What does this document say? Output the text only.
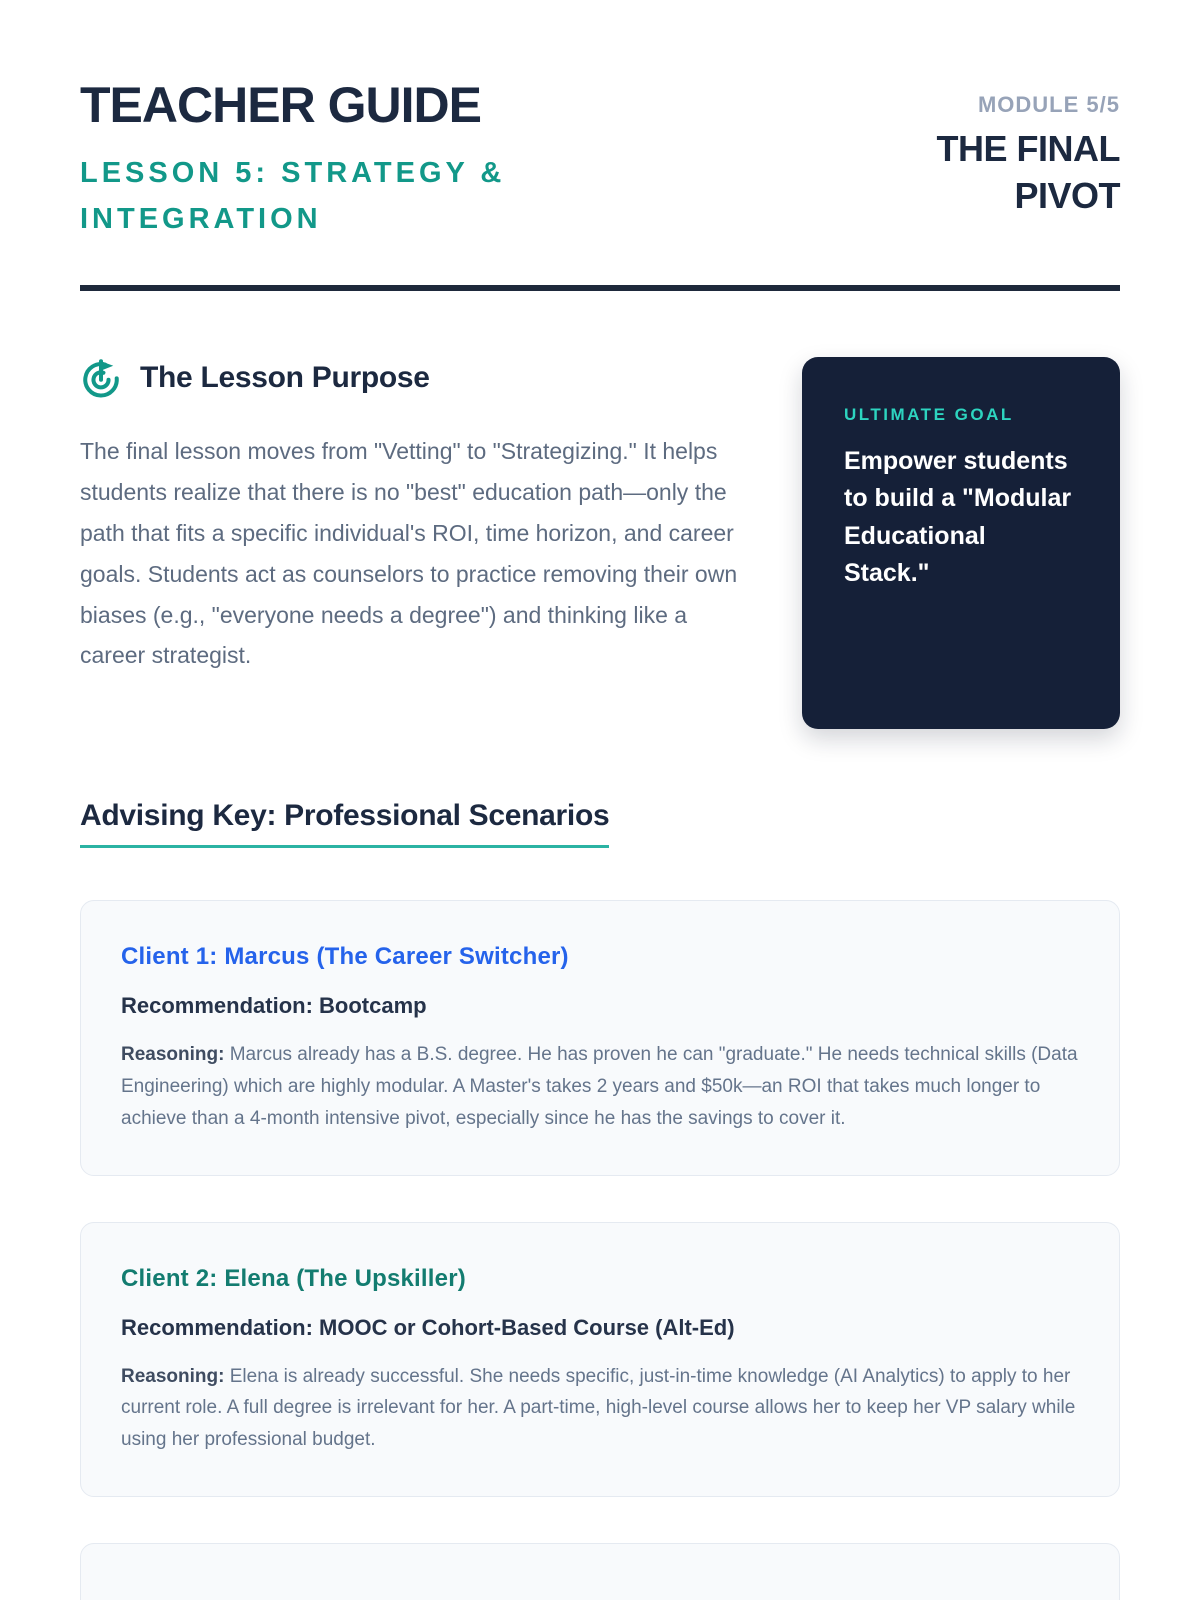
TEACHER GUIDE
LESSON 5: STRATEGY & INTEGRATION
MODULE 5/5
THE FINAL PIVOT
The Lesson Purpose

The final lesson moves from "Vetting" to "Strategizing." It helps students realize that there is no "best" education path—only the path that fits a specific individual's ROI, time horizon, and career goals. Students act as counselors to practice removing their own biases (e.g., "everyone needs a degree") and thinking like a career strategist.

ULTIMATE GOAL
Empower students to build a "Modular Educational Stack."
Advising Key: Professional Scenarios
Client 1: Marcus (The Career Switcher)
Recommendation: Bootcamp

Reasoning: Marcus already has a B.S. degree. He has proven he can "graduate." He needs technical skills (Data Engineering) which are highly modular. A Master's takes 2 years and $50k—an ROI that takes much longer to achieve than a 4-month intensive pivot, especially since he has the savings to cover it.

Client 2: Elena (The Upskiller)
Recommendation: MOOC or Cohort-Based Course (Alt-Ed)

Reasoning: Elena is already successful. She needs specific, just-in-time knowledge (AI Analytics) to apply to her current role. A full degree is irrelevant for her. A part-time, high-level course allows her to keep her VP salary while using her professional budget.
